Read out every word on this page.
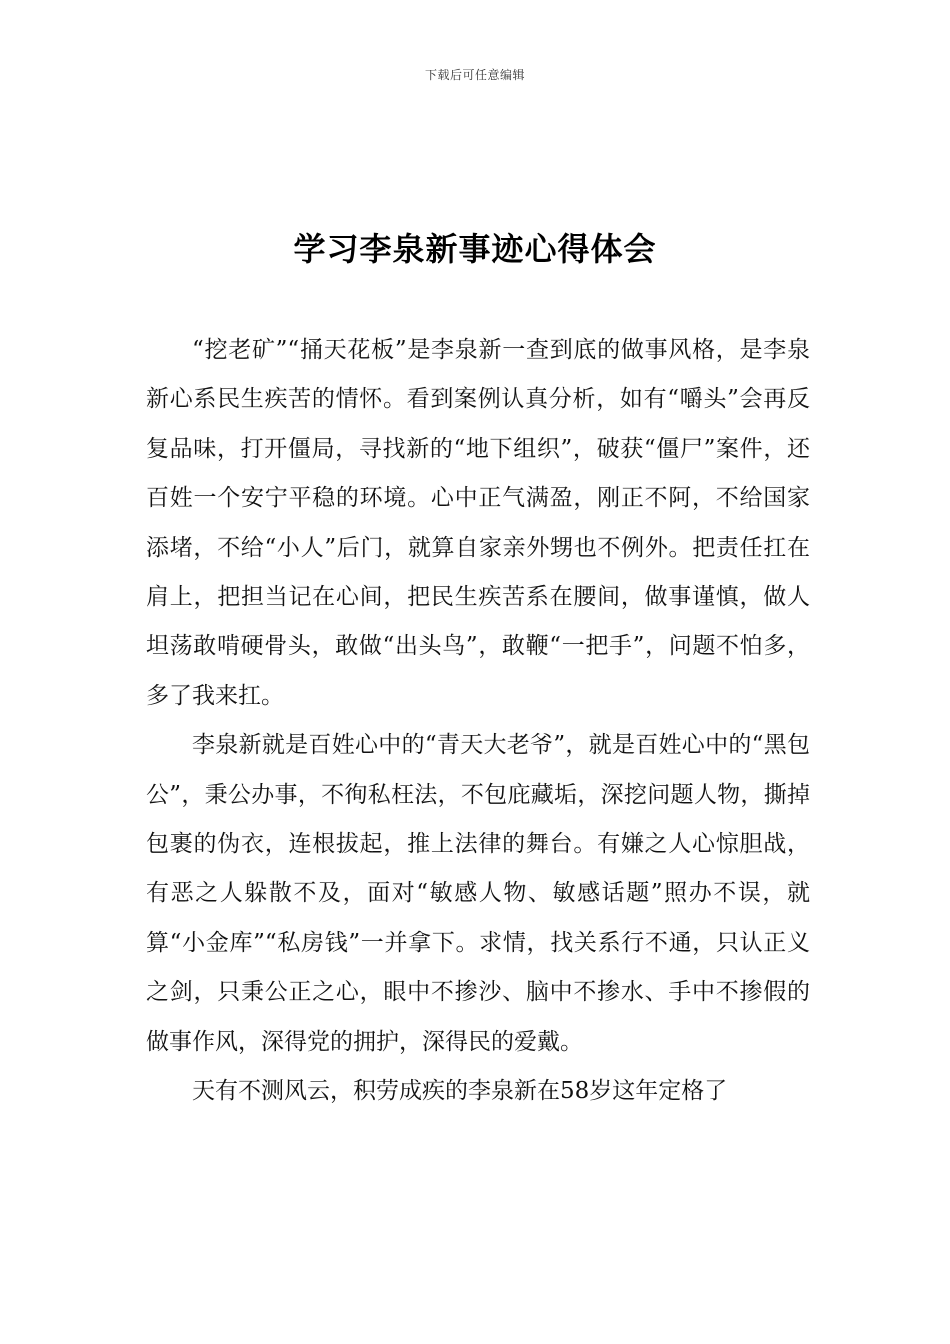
下载后可任意编辑
学习李泉新事迹心得体会

“挖老矿”“捅天花板”是李泉新一查到底的做事风格，是李泉新心系民生疾苦的情怀。看到案例认真分析，如有“嚼头”会再反复品味，打开僵局，寻找新的“地下组织”，破获“僵尸”案件，还百姓一个安宁平稳的环境。心中正气满盈，刚正不阿，不给国家添堵，不给“小人”后门，就算自家亲外甥也不例外。把责任扛在肩上，把担当记在心间，把民生疾苦系在腰间，做事谨慎，做人坦荡敢啃硬骨头，敢做“出头鸟”，敢鞭“一把手”，问题不怕多，多了我来扛。

李泉新就是百姓心中的“青天大老爷”，就是百姓心中的“黑包公”，秉公办事，不徇私枉法，不包庇藏垢，深挖问题人物，撕掉包裹的伪衣，连根拔起，推上法律的舞台。有嫌之人心惊胆战，有恶之人躲散不及，面对“敏感人物、敏感话题”照办不误，就算“小金库”“私房钱”一并拿下。求情，找关系行不通，只认正义之剑，只秉公正之心，眼中不掺沙、脑中不掺水、手中不掺假的做事作风，深得党的拥护，深得民的爱戴。

天有不测风云，积劳成疾的李泉新在58岁这年定格了
